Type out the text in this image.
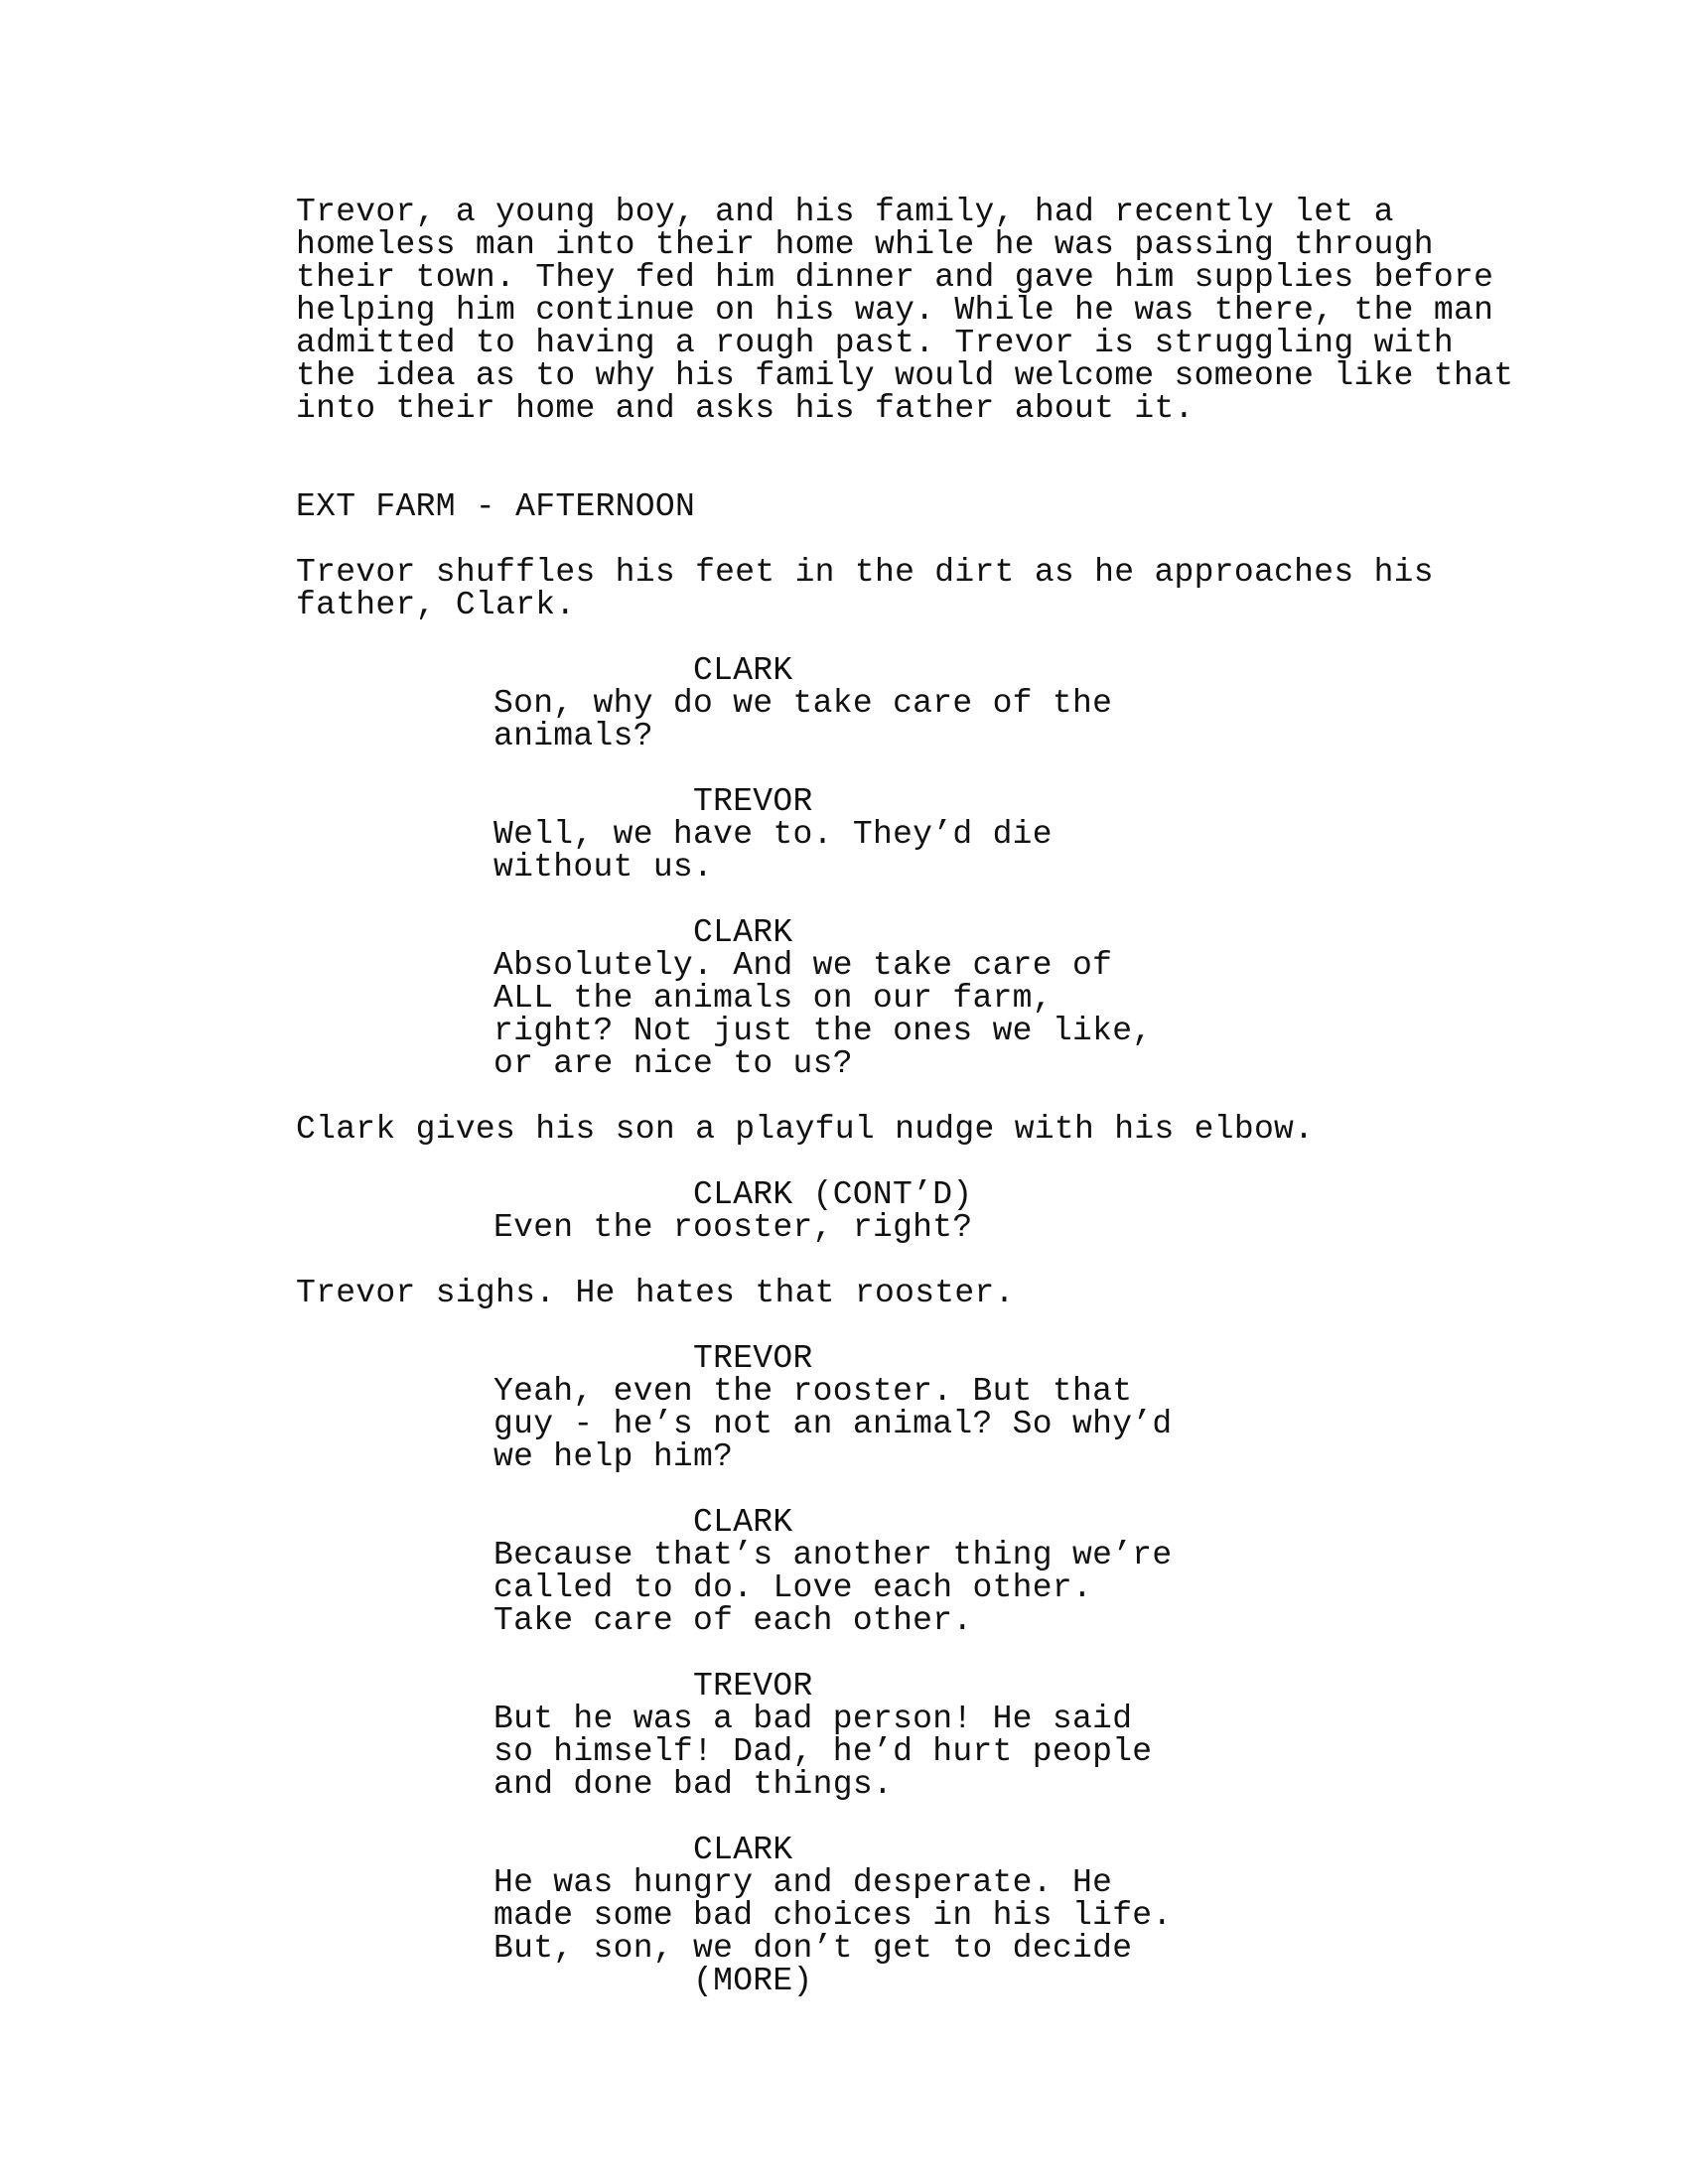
Trevor, a young boy, and his family, had recently let a
homeless man into their home while he was passing through
their town. They fed him dinner and gave him supplies before
helping him continue on his way. While he was there, the man
admitted to having a rough past. Trevor is struggling with
the idea as to why his family would welcome someone like that
into their home and asks his father about it.
EXT FARM - AFTERNOON
Trevor shuffles his feet in the dirt as he approaches his
father, Clark.
CLARK
Son, why do we take care of the
animals?
TREVOR
Well, we have to. They’d die
without us.
CLARK
Absolutely. And we take care of
ALL the animals on our farm,
right? Not just the ones we like,
or are nice to us?
Clark gives his son a playful nudge with his elbow.
CLARK (CONT’D)
Even the rooster, right?
Trevor sighs. He hates that rooster.
TREVOR
Yeah, even the rooster. But that
guy - he’s not an animal? So why’d
we help him?
CLARK
Because that’s another thing we’re
called to do. Love each other.
Take care of each other.
TREVOR
But he was a bad person! He said
so himself! Dad, he’d hurt people
and done bad things.
CLARK
He was hungry and desperate. He
made some bad choices in his life.
But, son, we don’t get to decide
(MORE)
